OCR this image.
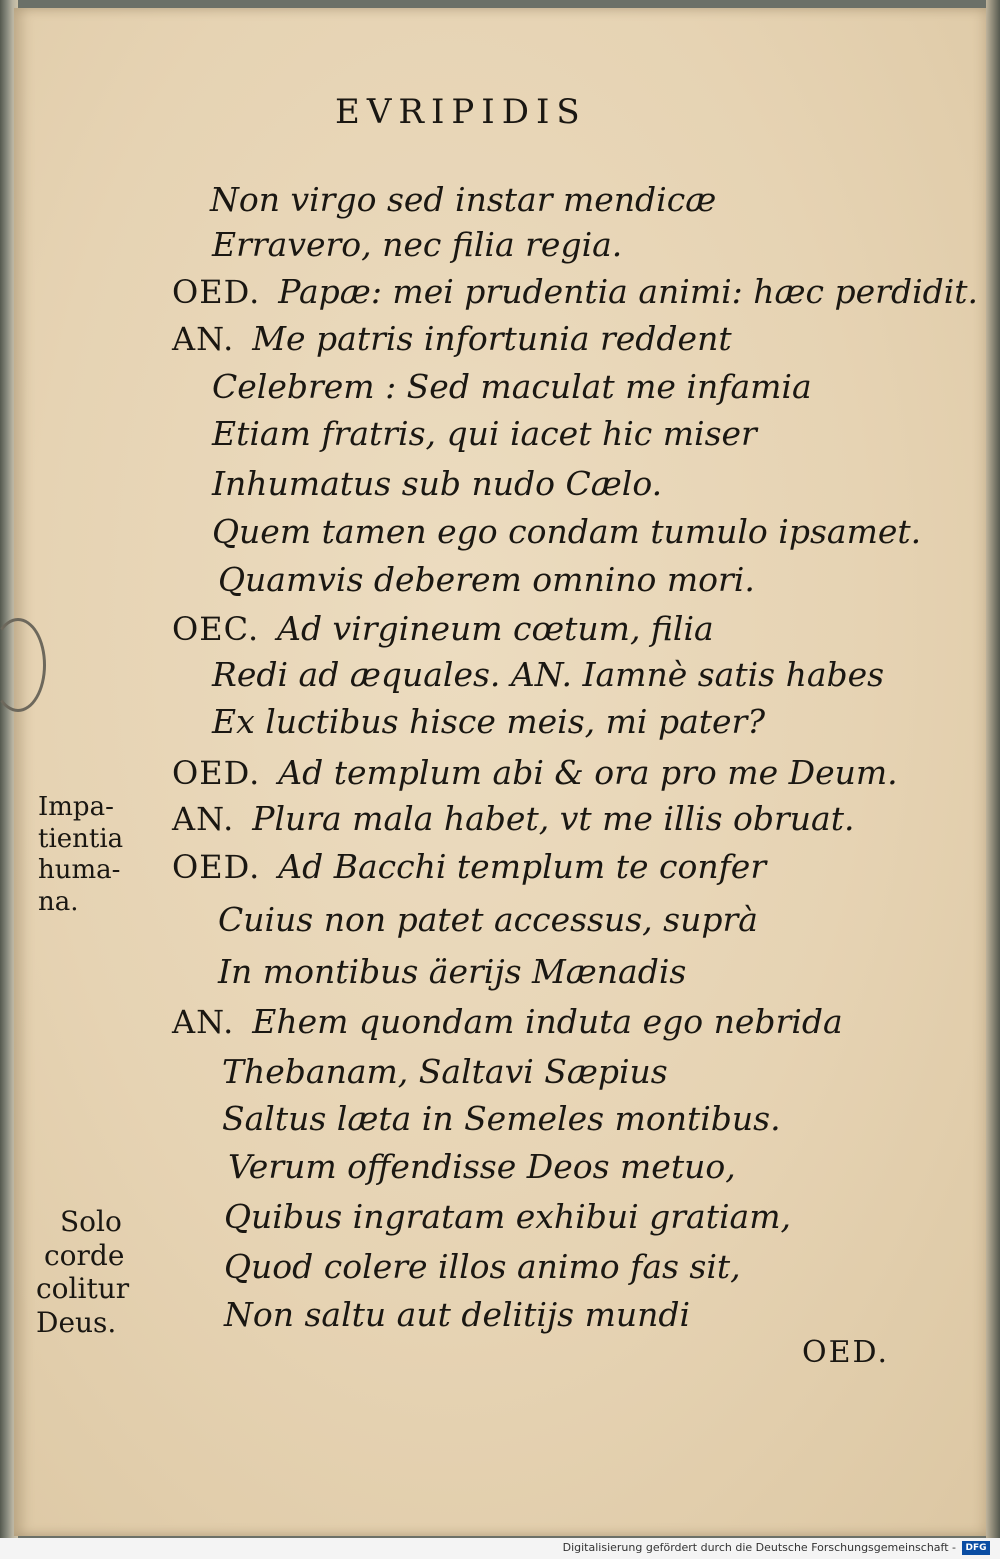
EVRIPIDIS
Non virgo sed instar mendicæ
Erravero, nec filia regia.
OED. Papæ: mei prudentia animi: hæc perdidit.
AN. Me patris infortunia reddent
Celebrem : Sed maculat me infamia
Etiam fratris, qui iacet hic miser
Inhumatus sub nudo Cælo.
Quem tamen ego condam tumulo ipsamet.
Quamvis deberem omnino mori.
OEC. Ad virgineum cœtum, filia
Redi ad æquales. AN. Iamnè satis habes
Ex luctibus hisce meis, mi pater?
OED. Ad templum abi & ora pro me Deum.
AN. Plura mala habet, vt me illis obruat.
OED. Ad Bacchi templum te confer
Cuius non patet accessus, suprà
In montibus äerijs Mænadis
AN. Ehem quondam induta ego nebrida
Thebanam, Saltavi Sæpius
Saltus læta in Semeles montibus.
Verum offendisse Deos metuo,
Quibus ingratam exhibui gratiam,
Quod colere illos animo fas sit,
Non saltu aut delitijs mundi
Impa-
tientia
huma-
na.
Solo
corde
colitur
Deus.
OED.
Digitalisierung gefördert durch die Deutsche Forschungsgemeinschaft -	DFG
